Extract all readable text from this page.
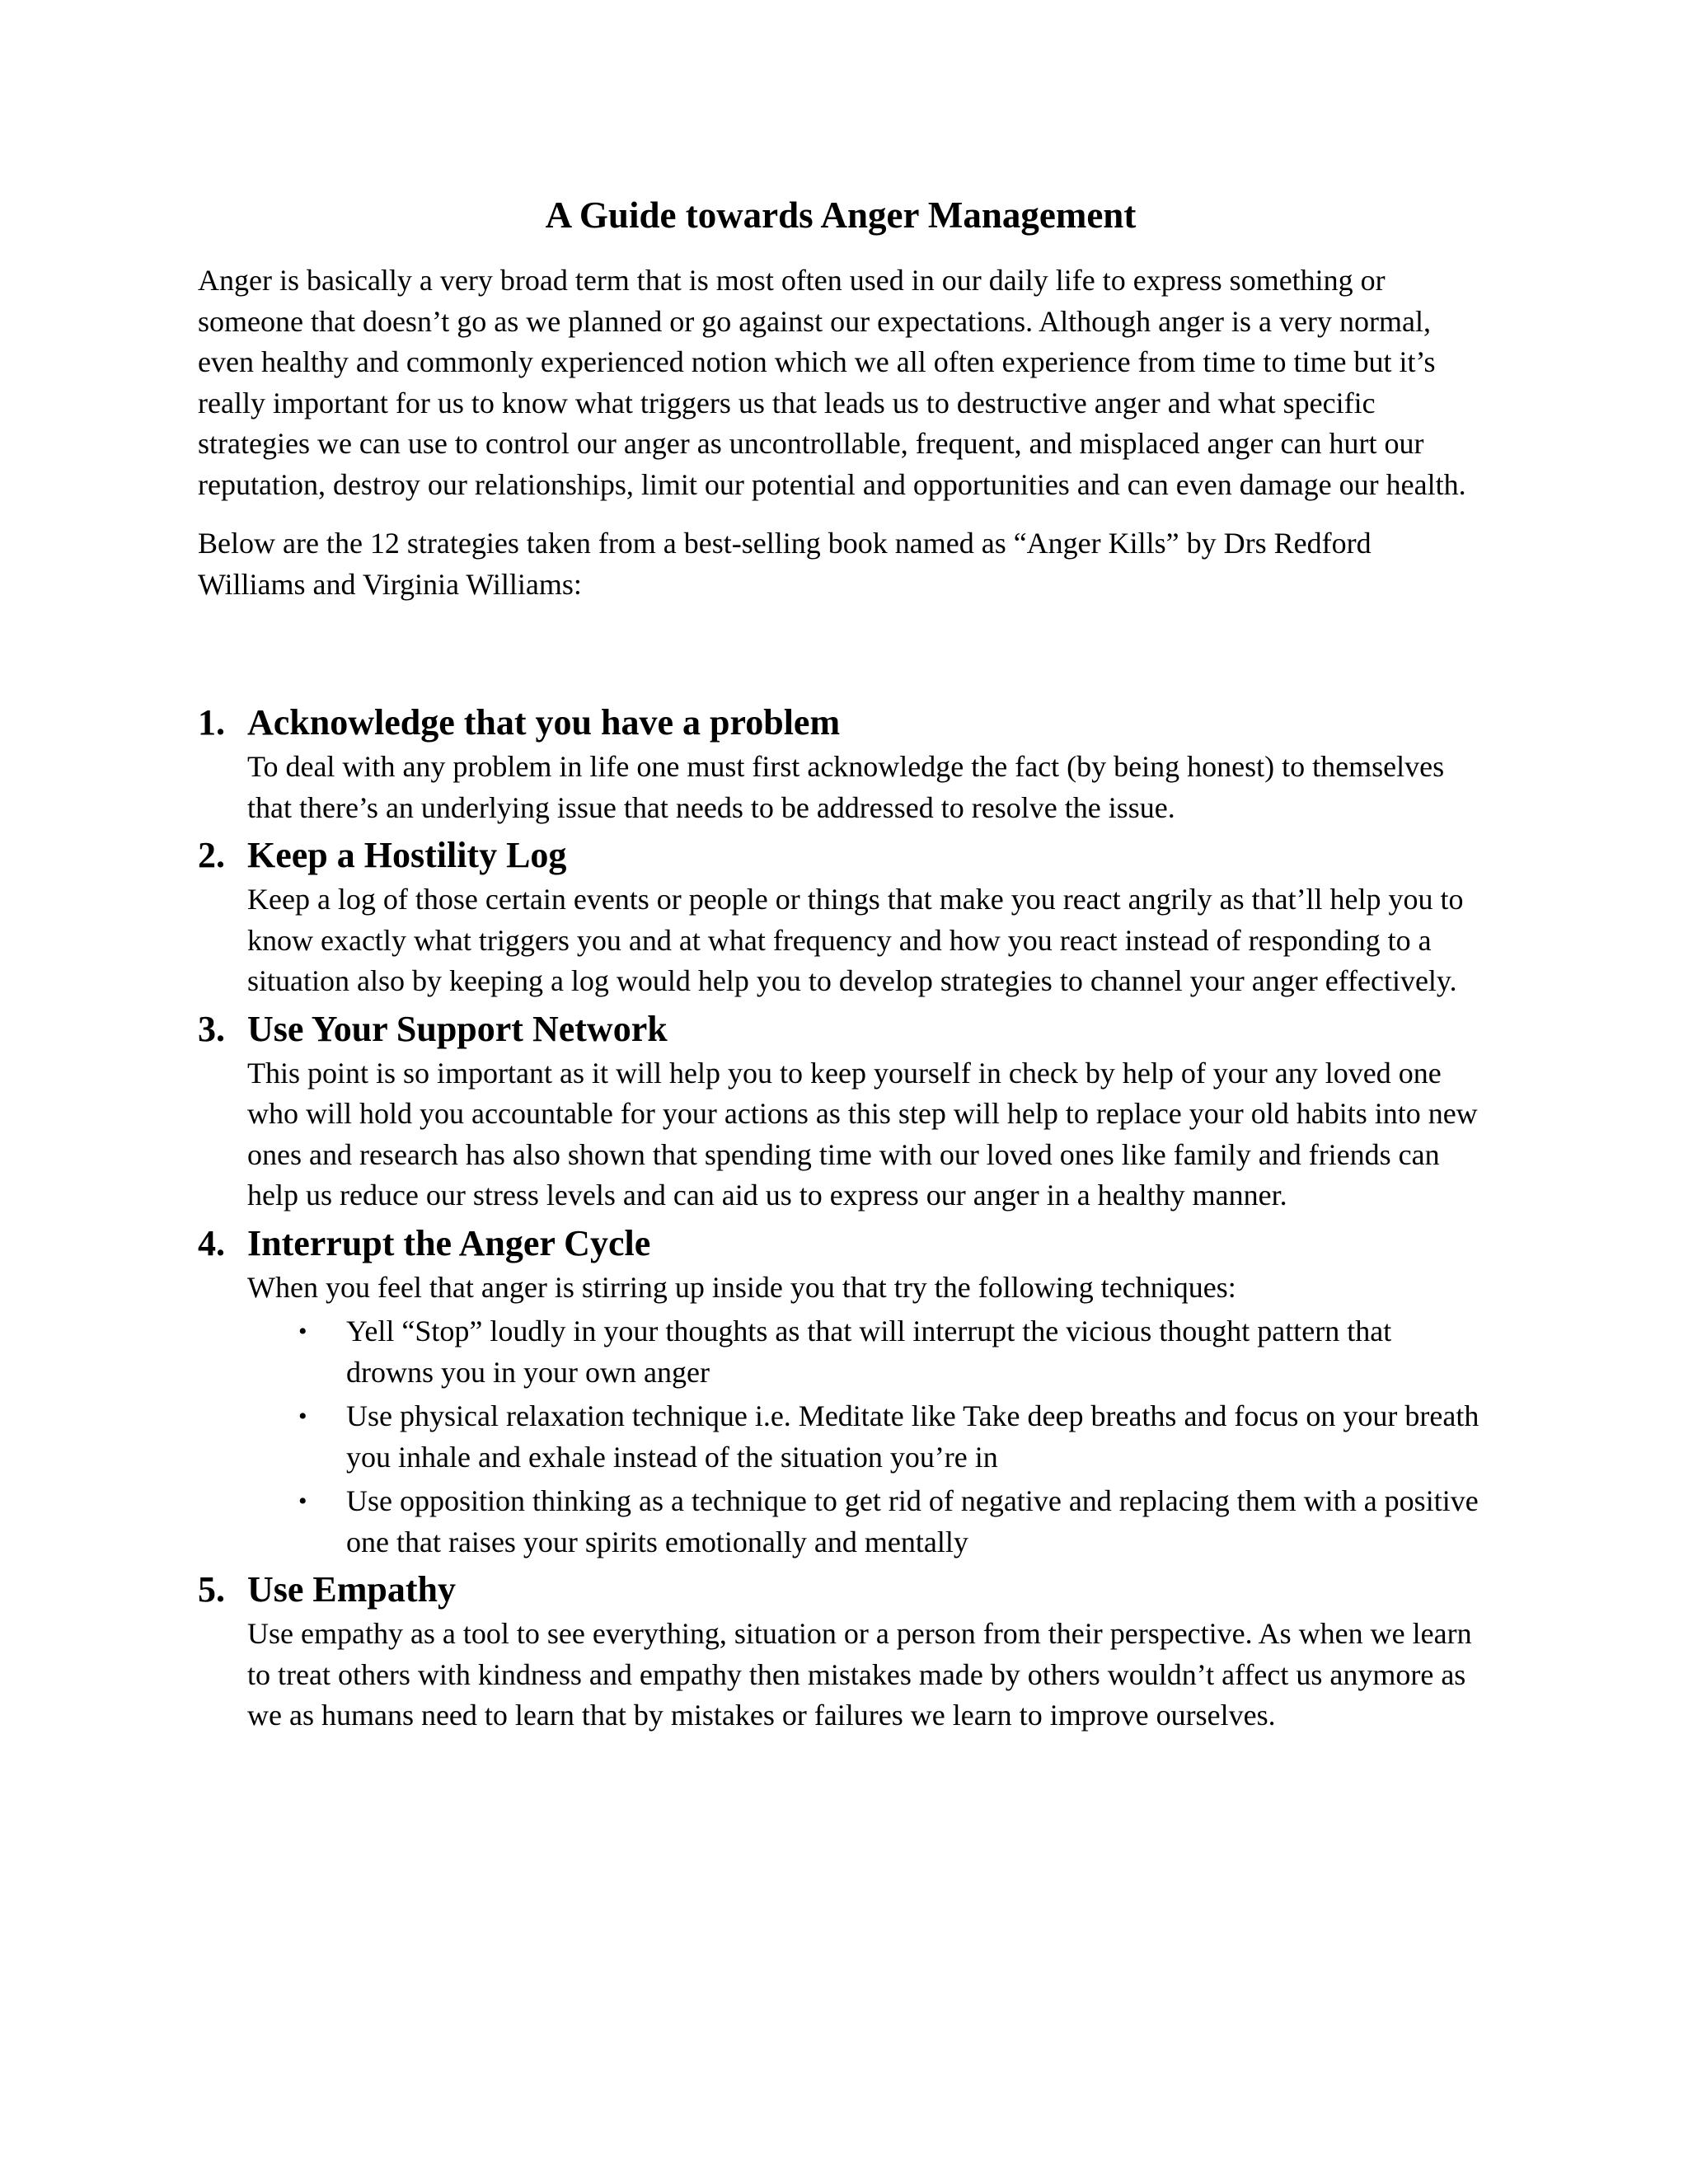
A Guide towards Anger Management

Anger is basically a very broad term that is most often used in our daily life to express something or someone that doesn’t go as we planned or go against our expectations. Although anger is a very normal, even healthy and commonly experienced notion which we all often experience from time to time but it’s really important for us to know what triggers us that leads us to destructive anger and what specific strategies we can use to control our anger as uncontrollable, frequent, and misplaced anger can hurt our reputation, destroy our relationships, limit our potential and opportunities and can even damage our health.

Below are the 12 strategies taken from a best-selling book named as “Anger Kills” by Drs Redford Williams and Virginia Williams:

1. Acknowledge that you have a problem

To deal with any problem in life one must first acknowledge the fact (by being honest) to themselves that there’s an underlying issue that needs to be addressed to resolve the issue.

2. Keep a Hostility Log

Keep a log of those certain events or people or things that make you react angrily as that’ll help you to know exactly what triggers you and at what frequency and how you react instead of responding to a situation also by keeping a log would help you to develop strategies to channel your anger effectively.

3. Use Your Support Network

This point is so important as it will help you to keep yourself in check by help of your any loved one who will hold you accountable for your actions as this step will help to replace your old habits into new ones and research has also shown that spending time with our loved ones like family and friends can help us reduce our stress levels and can aid us to express our anger in a healthy manner.

4. Interrupt the Anger Cycle

When you feel that anger is stirring up inside you that try the following techniques:

• Yell “Stop” loudly in your thoughts as that will interrupt the vicious thought pattern that drowns you in your own anger
• Use physical relaxation technique i.e. Meditate like Take deep breaths and focus on your breath you inhale and exhale instead of the situation you’re in
• Use opposition thinking as a technique to get rid of negative and replacing them with a positive one that raises your spirits emotionally and mentally
5. Use Empathy

Use empathy as a tool to see everything, situation or a person from their perspective. As when we learn to treat others with kindness and empathy then mistakes made by others wouldn’t affect us anymore as we as humans need to learn that by mistakes or failures we learn to improve ourselves.
